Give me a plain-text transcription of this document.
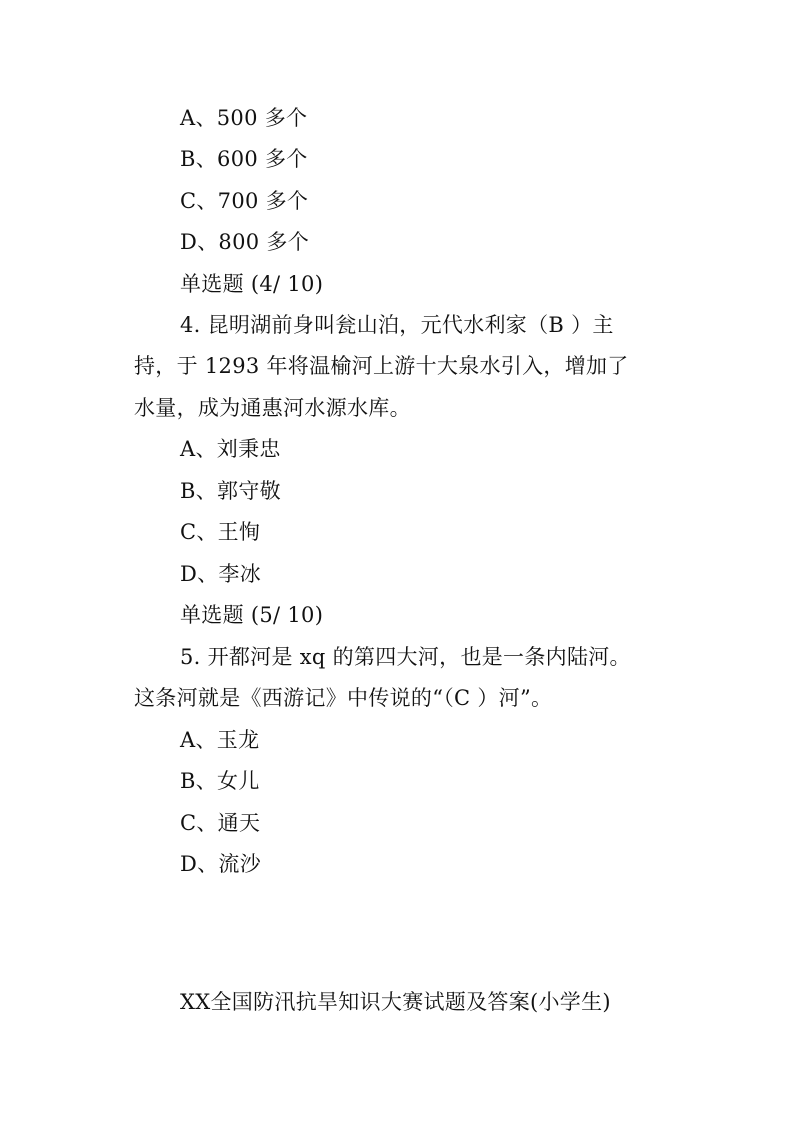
A、500 多个
B、600 多个
C、700 多个
D、800 多个
单选题 (4/ 10)
4. 昆明湖前身叫瓮山泊，元代水利家（B ）主
持，于 1293 年将温榆河上游十大泉水引入，增加了
水量，成为通惠河水源水库。
A、刘秉忠
B、郭守敬
C、王恂
D、李冰
单选题 (5/ 10)
5. 开都河是 xq 的第四大河，也是一条内陆河。
这条河就是《西游记》中传说的“（C ）河”。
A、玉龙
B、女儿
C、通天
D、流沙
XX全国防汛抗旱知识大赛试题及答案(小学生)
